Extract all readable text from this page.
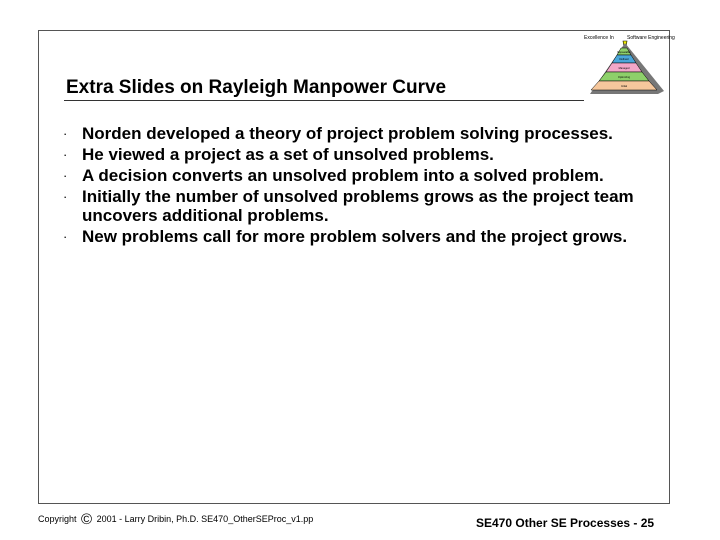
Excellence In	Software Engineering
Repeatable
Defined
Managed
Optimizing
Initial
Extra Slides on Rayleigh Manpower Curve
· Norden developed a theory of project problem solving processes.
· He viewed a project as a set of unsolved problems.
· A decision converts an unsolved problem into a solved problem.
· Initially the number of unsolved problems grows as the project team uncovers additional problems.
· New problems call for more problem solvers and the project grows.
Copyright © 2001 - Larry Dribin, Ph.D. SE470_OtherSEProc_v1.pp	SE470 Other SE Processes - 25
